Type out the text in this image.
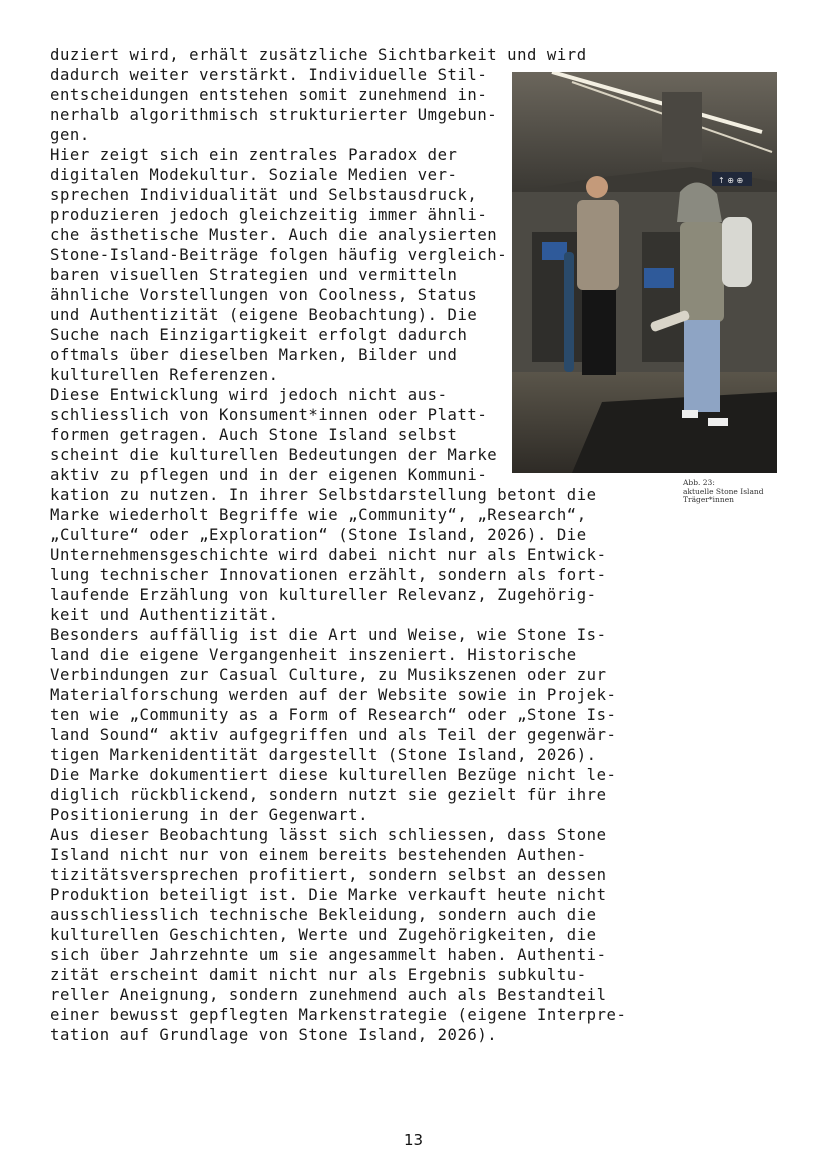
duziert wird, erhält zusätzliche Sichtbarkeit und wird
dadurch weiter verstärkt. Individuelle Stil-
entscheidungen entstehen somit zunehmend in-
nerhalb algorithmisch strukturierter Umgebun-
gen.
Hier zeigt sich ein zentrales Paradox der
digitalen Modekultur. Soziale Medien ver-
sprechen Individualität und Selbstausdruck,
produzieren jedoch gleichzeitig immer ähnli-
che ästhetische Muster. Auch die analysierten
Stone-Island-Beiträge folgen häufig vergleich-
baren visuellen Strategien und vermitteln
ähnliche Vorstellungen von Coolness, Status
und Authentizität (eigene Beobachtung). Die
Suche nach Einzigartigkeit erfolgt dadurch
oftmals über dieselben Marken, Bilder und
kulturellen Referenzen.
Diese Entwicklung wird jedoch nicht aus-
schliesslich von Konsument*innen oder Platt-
formen getragen. Auch Stone Island selbst
scheint die kulturellen Bedeutungen der Marke
aktiv zu pflegen und in der eigenen Kommuni-
kation zu nutzen. In ihrer Selbstdarstellung betont die
Marke wiederholt Begriffe wie „Community“, „Research“,
„Culture“ oder „Exploration“ (Stone Island, 2026). Die
Unternehmensgeschichte wird dabei nicht nur als Entwick-
lung technischer Innovationen erzählt, sondern als fort-
laufende Erzählung von kultureller Relevanz, Zugehörig-
keit und Authentizität.
Besonders auffällig ist die Art und Weise, wie Stone Is-
land die eigene Vergangenheit inszeniert. Historische
Verbindungen zur Casual Culture, zu Musikszenen oder zur
Materialforschung werden auf der Website sowie in Projek-
ten wie „Community as a Form of Research“ oder „Stone Is-
land Sound“ aktiv aufgegriffen und als Teil der gegenwär-
tigen Markenidentität dargestellt (Stone Island, 2026).
Die Marke dokumentiert diese kulturellen Bezüge nicht le-
diglich rückblickend, sondern nutzt sie gezielt für ihre
Positionierung in der Gegenwart.
Aus dieser Beobachtung lässt sich schliessen, dass Stone
Island nicht nur von einem bereits bestehenden Authen-
tizitätsversprechen profitiert, sondern selbst an dessen
Produktion beteiligt ist. Die Marke verkauft heute nicht
ausschliesslich technische Bekleidung, sondern auch die
kulturellen Geschichten, Werte und Zugehörigkeiten, die
sich über Jahrzehnte um sie angesammelt haben. Authenti-
zität erscheint damit nicht nur als Ergebnis subkultu-
reller Aneignung, sondern zunehmend auch als Bestandteil
einer bewusst gepflegten Markenstrategie (eigene Interpre-
tation auf Grundlage von Stone Island, 2026).
↑ ⊕ ⊕
Abb. 23:
aktuelle Stone Island
Träger*innen
13
